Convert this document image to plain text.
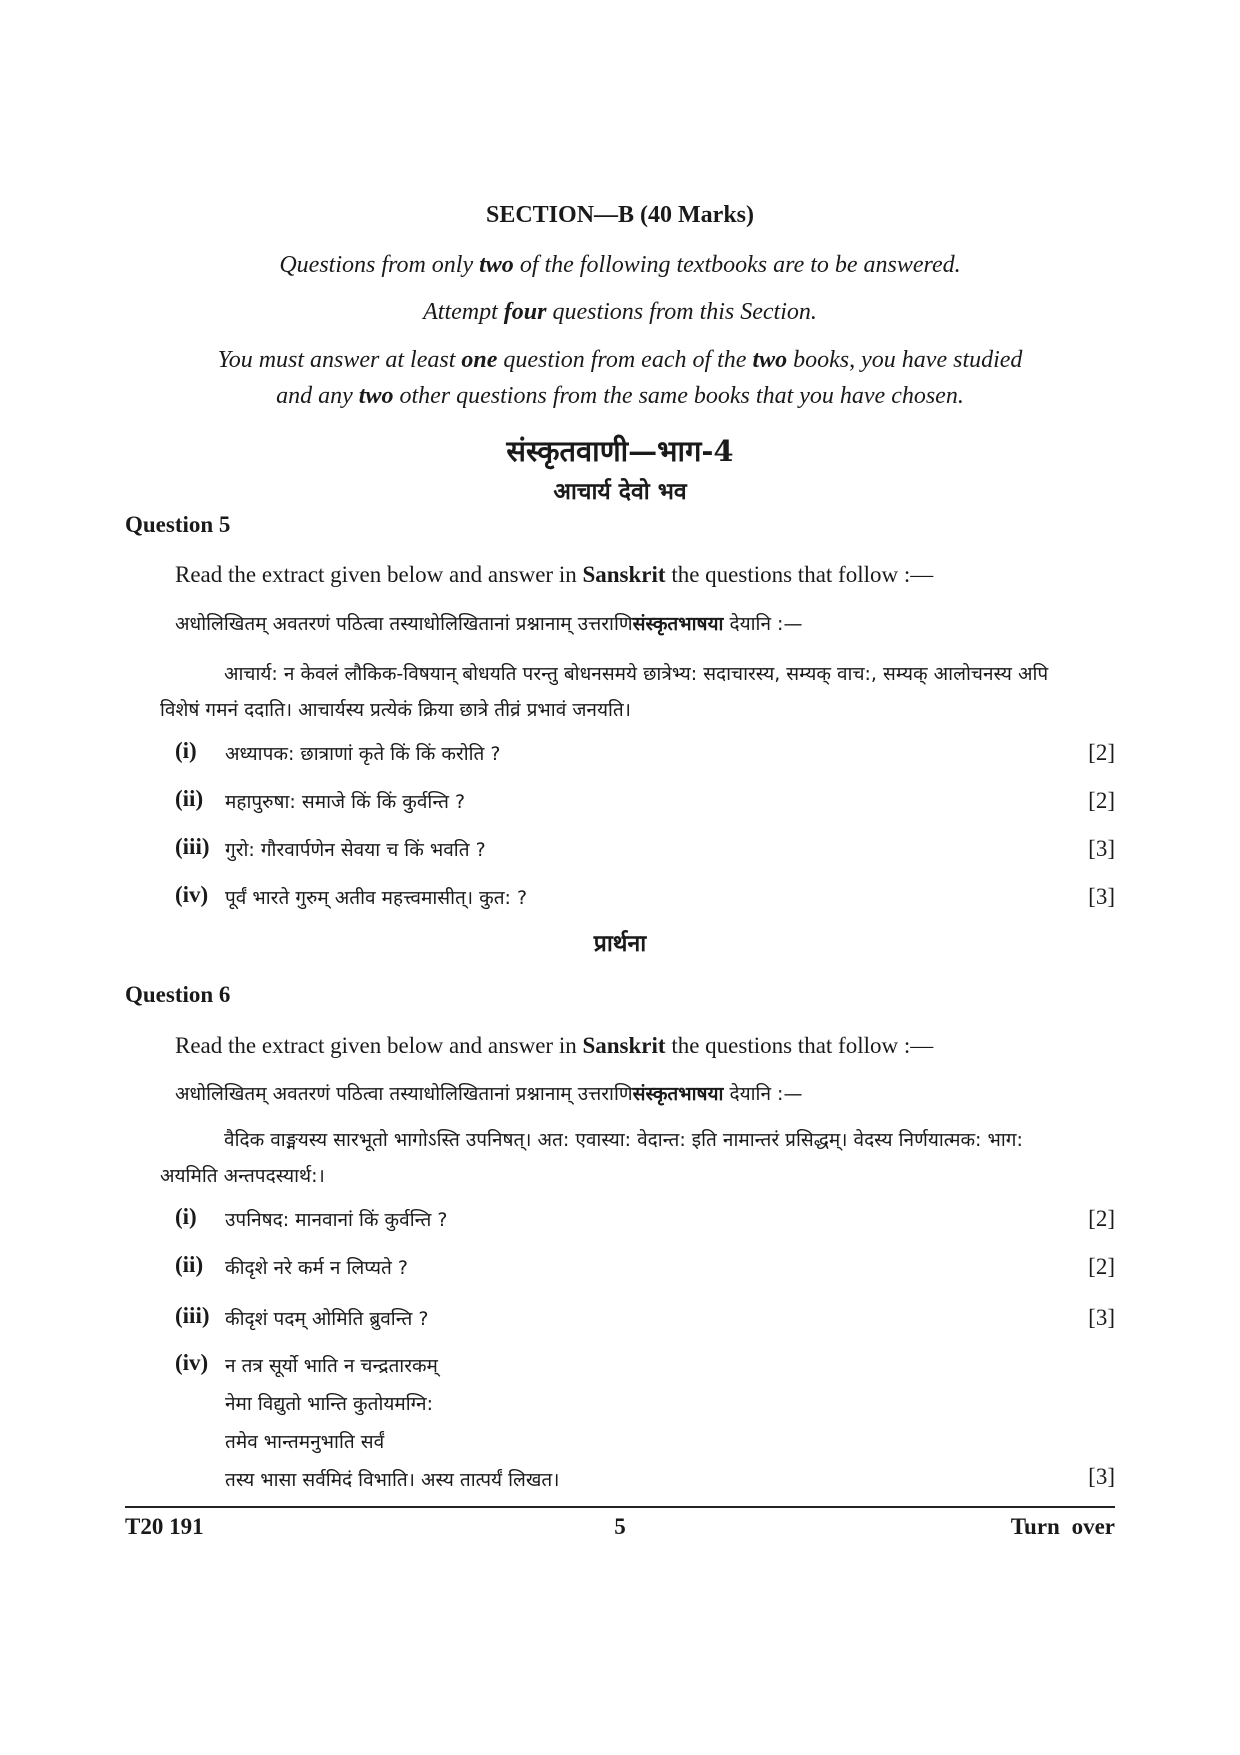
SECTION—B (40 Marks)
Questions from only two of the following textbooks are to be answered.
Attempt four questions from this Section.
You must answer at least one question from each of the two books, you have studied
and any two other questions from the same books that you have chosen.
संस्कृतवाणी—भाग-4
आचार्य देवो भव
Question 5
Read the extract given below and answer in Sanskrit the questions that follow :—
अधोलिखितम् अवतरणं पठित्वा तस्याधोलिखितानां प्रश्नानाम् उत्तराणिसंस्कृतभाषया देयानि :—
आचार्य: न केवलं लौकिक-विषयान् बोधयति परन्तु बोधनसमये छात्रेभ्य: सदाचारस्य, सम्यक् वाच:, सम्यक् आलोचनस्य अपि विशेषं गमनं ददाति। आचार्यस्य प्रत्येकं क्रिया छात्रे तीव्रं प्रभावं जनयति।
(i) अध्यापक: छात्राणां कृते किं किं करोति ?	[2]
(ii) महापुरुषा: समाजे किं किं कुर्वन्ति ?	[2]
(iii) गुरो: गौरवार्पणेन सेवया च किं भवति ?	[3]
(iv) पूर्वं भारते गुरुम् अतीव महत्त्वमासीत्। कुत: ?	[3]
प्रार्थना
Question 6
Read the extract given below and answer in Sanskrit the questions that follow :—
अधोलिखितम् अवतरणं पठित्वा तस्याधोलिखितानां प्रश्नानाम् उत्तराणिसंस्कृतभाषया देयानि :—
वैदिक वाङ्मयस्य सारभूतो भागोऽस्ति उपनिषत्। अत: एवास्या: वेदान्त: इति नामान्तरं प्रसिद्धम्। वेदस्य निर्णयात्मक: भाग: अयमिति अन्तपदस्यार्थ:।
(i) उपनिषद: मानवानां किं कुर्वन्ति ?	[2]
(ii) कीदृशे नरे कर्म न लिप्यते ?	[2]
(iii) कीदृशं पदम् ओमिति ब्रुवन्ति ?	[3]
(iv) न तत्र सूर्यो भाति न चन्द्रतारकम्
नेमा विद्युतो भान्ति कुतोयमग्नि:
तमेव भान्तमनुभाति सर्वं
तस्य भासा सर्वमिदं विभाति। अस्य तात्पर्यं लिखत।	[3]
T20 191	5	Turn over
